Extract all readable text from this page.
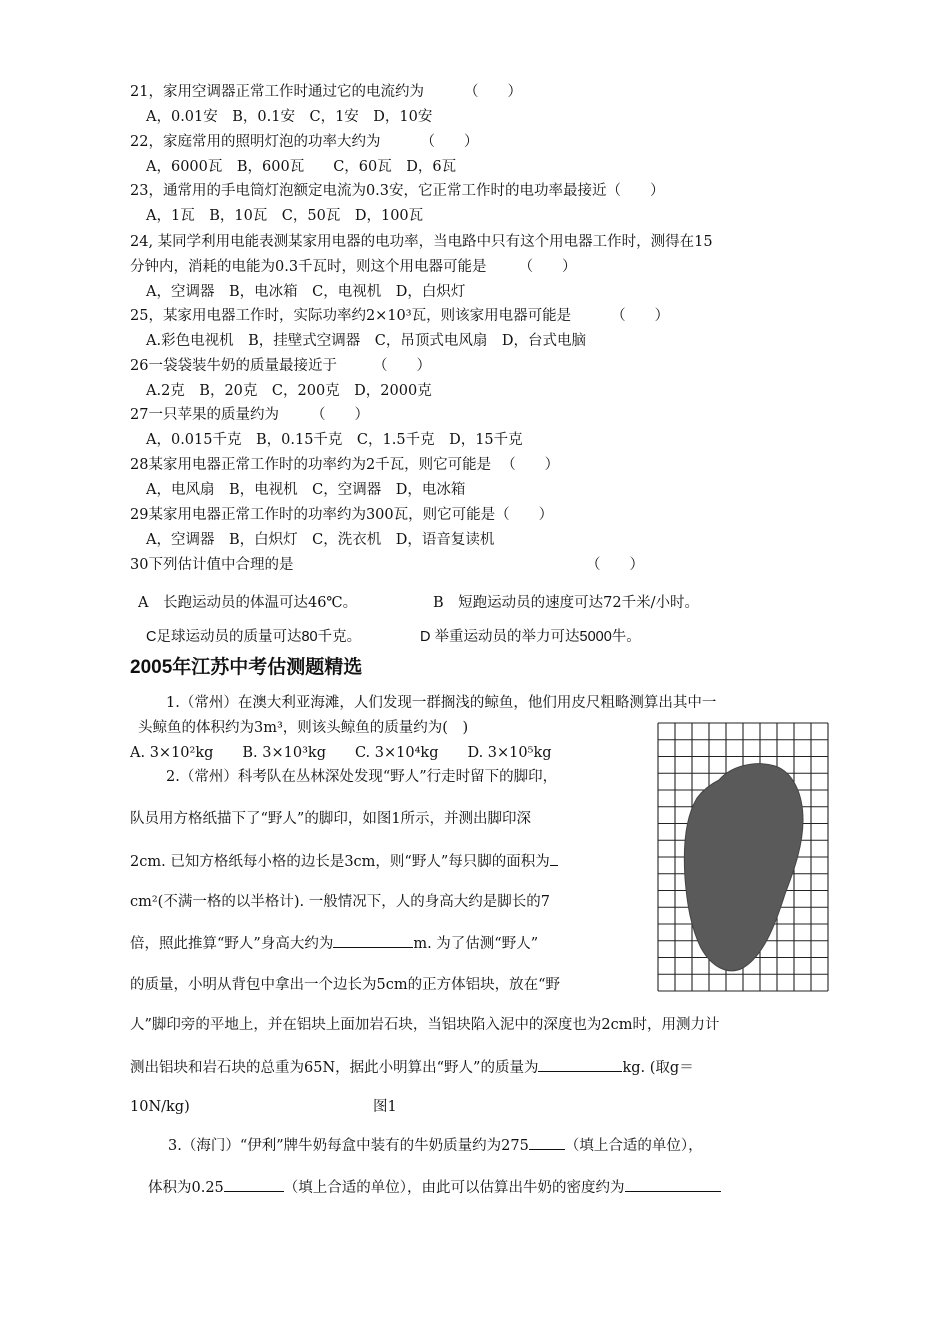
21，家用空调器正常工作时通过它的电流约为	（　　）
A，0.01安　B，0.1安　C，1安　D，10安
22，家庭常用的照明灯泡的功率大约为	（　　）
A，6000瓦　B，600瓦　　C，60瓦　D，6瓦
23，通常用的手电筒灯泡额定电流为0.3安，它正常工作时的电功率最接近（　　）
A，1瓦　B，10瓦　C，50瓦　D，100瓦
24, 某同学利用电能表测某家用电器的电功率，当电路中只有这个用电器工作时，测得在15
分钟内，消耗的电能为0.3千瓦时，则这个用电器可能是 （　　）
A，空调器　B，电冰箱　C，电视机　D，白炽灯
25，某家用电器工作时，实际功率约2×10³瓦，则该家用电器可能是	（　　）
A.彩色电视机　B，挂壁式空调器　C，吊顶式电风扇　D，台式电脑
26一袋袋装牛奶的质量最接近于 （　　）
A.2克　B，20克　C，200克　D，2000克
27一只苹果的质量约为 （　　）
A，0.015千克　B，0.15千克　C，1.5千克　D，15千克
28某家用电器正常工作时的功率约为2千瓦，则它可能是 （　　）
A，电风扇　B，电视机　C，空调器　D，电冰箱
29某家用电器正常工作时的功率约为300瓦，则它可能是（　　）
A，空调器　B，白炽灯　C，洗衣机　D，语音复读机
30下列估计值中合理的是	（　　）
A　长跑运动员的体温可达46℃。	B　短跑运动员的速度可达72千米/小时。
C足球运动员的质量可达80千克。	D 举重运动员的举力可达5000牛。
2005年江苏中考估测题精选
1.（常州）在澳大利亚海滩，人们发现一群搁浅的鲸鱼，他们用皮尺粗略测算出其中一
头鲸鱼的体积约为3m³，则该头鲸鱼的质量约为(　)
A. 3×10²kg　　B. 3×10³kg　　C. 3×10⁴kg　　D. 3×10⁵kg
2.（常州）科考队在丛林深处发现“野人”行走时留下的脚印，
队员用方格纸描下了“野人”的脚印，如图1所示，并测出脚印深
2cm. 已知方格纸每小格的边长是3cm，则“野人”每只脚的面积为
cm²(不满一格的以半格计). 一般情况下，人的身高大约是脚长的7
倍，照此推算“野人”身高大约为	m. 为了估测“野人”
的质量，小明从背包中拿出一个边长为5cm的正方体铝块，放在“野
人”脚印旁的平地上，并在铝块上面加岩石块，当铝块陷入泥中的深度也为2cm时，用测力计
测出铝块和岩石块的总重为65N，据此小明算出“野人”的质量为	kg. (取g＝
10N/kg)	图1
3.（海门）“伊利”牌牛奶每盒中装有的牛奶质量约为275 （填上合适的单位），
体积为0.25	（填上合适的单位），由此可以估算出牛奶的密度约为
